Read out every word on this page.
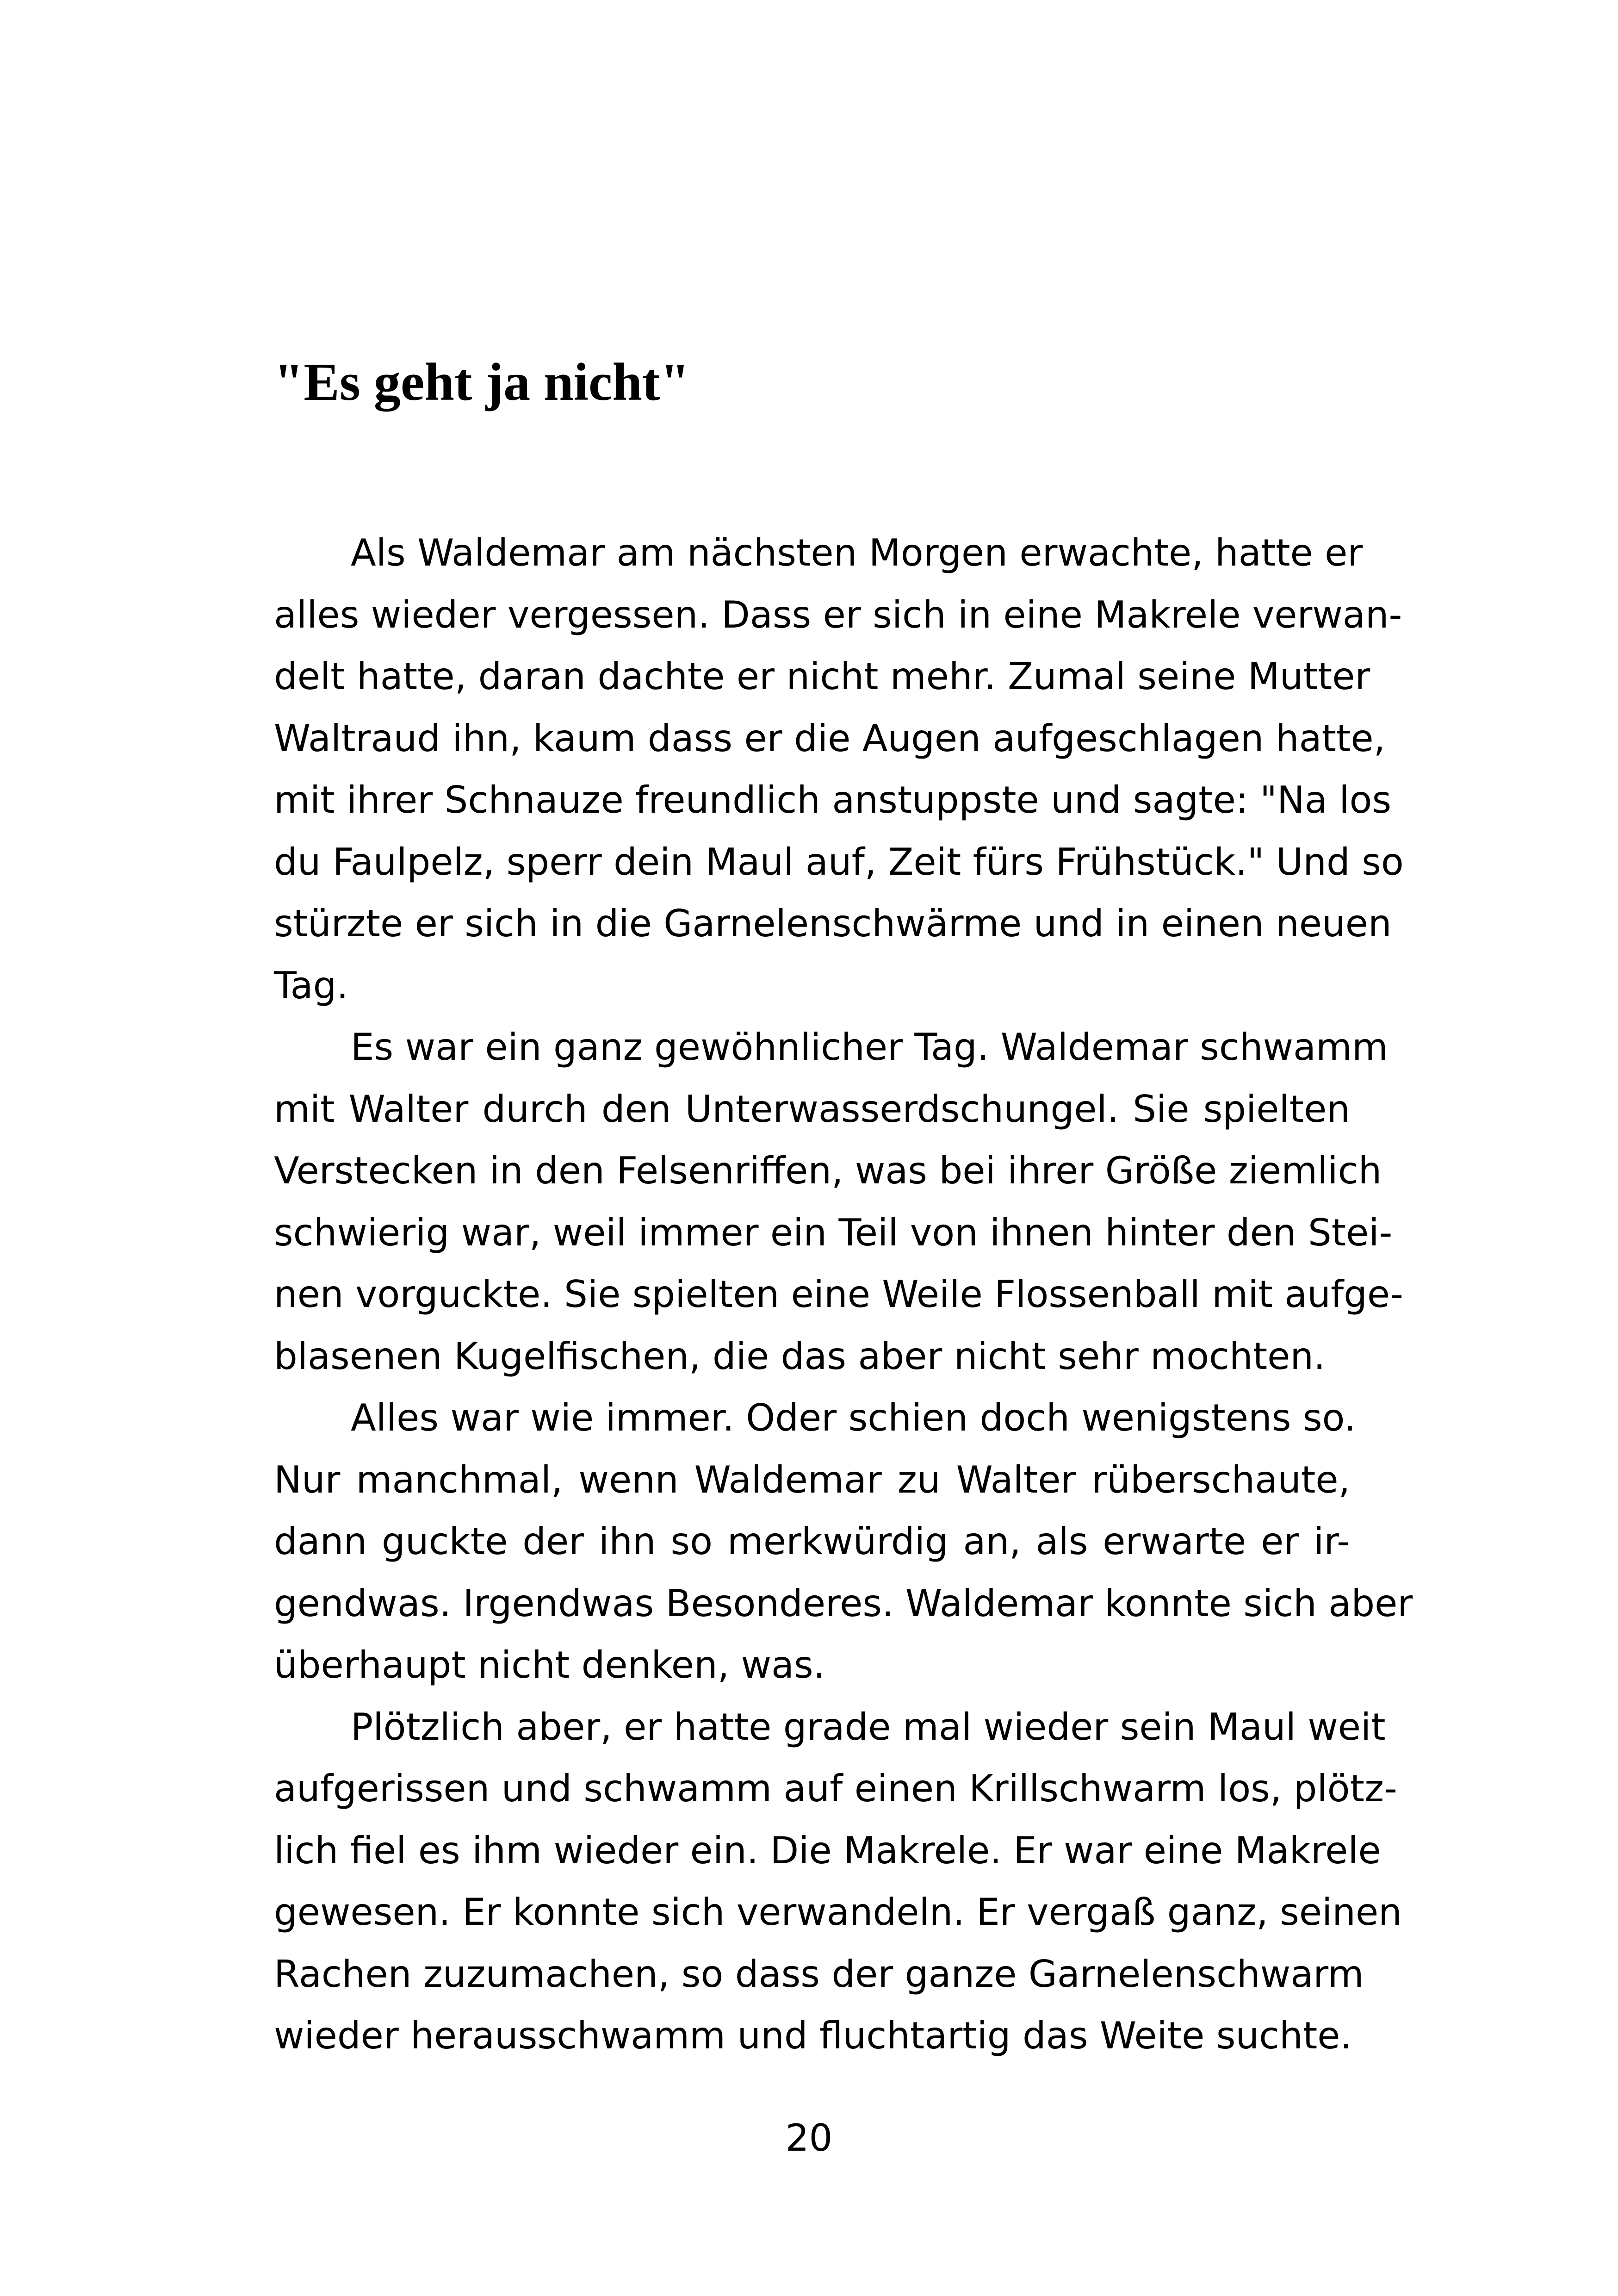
"Es geht ja nicht"

Als Waldemar am nächsten Morgen erwachte, hatte er
alles wieder vergessen. Dass er sich in eine Makrele verwan-
delt hatte, daran dachte er nicht mehr. Zumal seine Mutter
Waltraud ihn, kaum dass er die Augen aufgeschlagen hatte,
mit ihrer Schnauze freundlich anstuppste und sagte: "Na los
du Faulpelz, sperr dein Maul auf, Zeit fürs Frühstück." Und so
stürzte er sich in die Garnelenschwärme und in einen neuen
Tag.

Es war ein ganz gewöhnlicher Tag. Waldemar schwamm
mit Walter durch den Unterwasserdschungel. Sie spielten
Verstecken in den Felsenriffen, was bei ihrer Größe ziemlich
schwierig war, weil immer ein Teil von ihnen hinter den Stei-
nen vorguckte. Sie spielten eine Weile Flossenball mit aufge-
blasenen Kugelfischen, die das aber nicht sehr mochten.

Alles war wie immer. Oder schien doch wenigstens so.
Nur manchmal, wenn Waldemar zu Walter rüberschaute,
dann guckte der ihn so merkwürdig an, als erwarte er ir-
gendwas. Irgendwas Besonderes. Waldemar konnte sich aber
überhaupt nicht denken, was.

Plötzlich aber, er hatte grade mal wieder sein Maul weit
aufgerissen und schwamm auf einen Krillschwarm los, plötz-
lich fiel es ihm wieder ein. Die Makrele. Er war eine Makrele
gewesen. Er konnte sich verwandeln. Er vergaß ganz, seinen
Rachen zuzumachen, so dass der ganze Garnelenschwarm
wieder herausschwamm und fluchtartig das Weite suchte.

20
